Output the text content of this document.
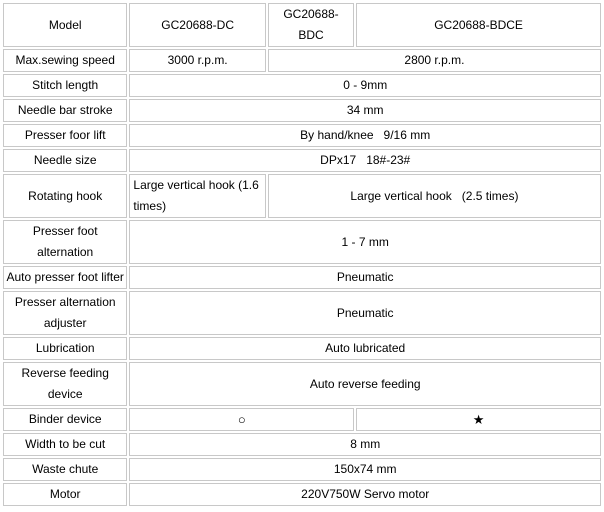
Model	GC20688-DC	GC20688-BDC	GC20688-BDCE
Max.sewing speed	3000 r.p.m.	2800 r.p.m.	
Stitch length	0 - 9mm		
Needle bar stroke	34 mm		
Presser foor lift	By hand/knee   9/16 mm		
Needle size	DPx17   18#-23#		
Rotating hook	Large vertical hook (1.6 times)	Large vertical hook   (2.5 times)	
Presser foot alternation	1 - 7 mm		
Auto presser foot lifter	Pneumatic		
Presser alternation adjuster	Pneumatic		
Lubrication	Auto lubricated		
Reverse feeding device	Auto reverse feeding		
Binder device	○		★
Width to be cut	8 mm		
Waste chute	150x74 mm		
Motor	220V750W Servo motor		
